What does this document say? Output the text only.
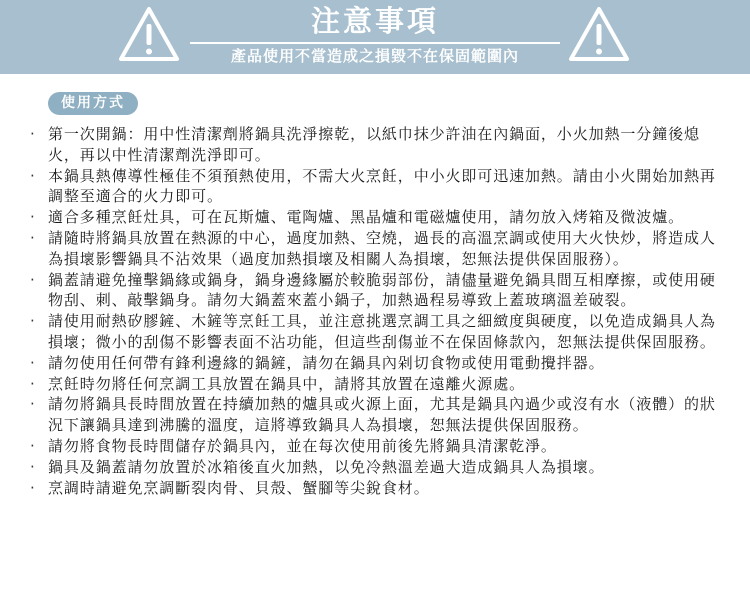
注意事項
產品使用不當造成之損毀不在保固範圍內
使用方式
· 第一次開鍋：用中性清潔劑將鍋具洗淨擦乾，以紙巾抹少許油在內鍋面，小火加熱一分鐘後熄火，再以中性清潔劑洗淨即可。
· 本鍋具熱傳導性極佳不須預熱使用，不需大火烹飪，中小火即可迅速加熱。請由小火開始加熱再調整至適合的火力即可。
· 適合多種烹飪灶具，可在瓦斯爐、電陶爐、黑晶爐和電磁爐使用，請勿放入烤箱及微波爐。
· 請隨時將鍋具放置在熱源的中心，過度加熱、空燒，過長的高溫烹調或使用大火快炒，將造成人為損壞影響鍋具不沾效果（過度加熱損壞及相關人為損壞，恕無法提供保固服務）。
· 鍋蓋請避免撞擊鍋緣或鍋身，鍋身邊緣屬於較脆弱部份，請儘量避免鍋具間互相摩擦，或使用硬物刮、刺、敲擊鍋身。請勿大鍋蓋來蓋小鍋子，加熱過程易導致上蓋玻璃溫差破裂。
· 請使用耐熱矽膠鏟、木鏟等烹飪工具，並注意挑選烹調工具之細緻度與硬度，以免造成鍋具人為損壞；微小的刮傷不影響表面不沾功能，但這些刮傷並不在保固條款內，恕無法提供保固服務。
· 請勿使用任何帶有鋒利邊緣的鍋鏟，請勿在鍋具內剁切食物或使用電動攪拌器。
· 烹飪時勿將任何烹調工具放置在鍋具中，請將其放置在遠離火源處。
· 請勿將鍋具長時間放置在持續加熱的爐具或火源上面，尤其是鍋具內過少或沒有水（液體）的狀況下讓鍋具達到沸騰的溫度，這將導致鍋具人為損壞，恕無法提供保固服務。
· 請勿將食物長時間儲存於鍋具內，並在每次使用前後先將鍋具清潔乾淨。
· 鍋具及鍋蓋請勿放置於冰箱後直火加熱，以免冷熱溫差過大造成鍋具人為損壞。
· 烹調時請避免烹調斷裂肉骨、貝殼、蟹腳等尖銳食材。
